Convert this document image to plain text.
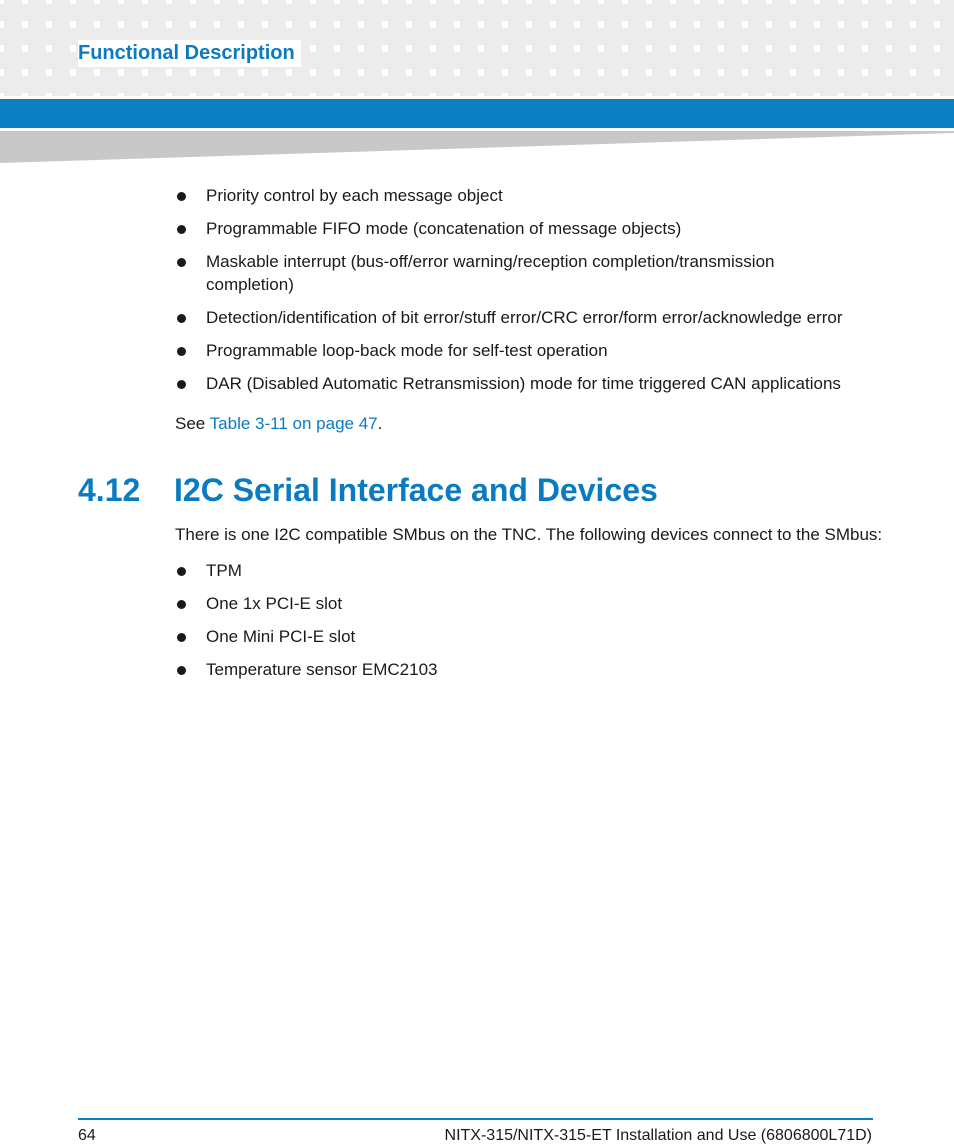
Functional Description
Priority control by each message object
Programmable FIFO mode (concatenation of message objects)
Maskable interrupt (bus-off/error warning/reception completion/transmission completion)
Detection/identification of bit error/stuff error/CRC error/form error/acknowledge error
Programmable loop-back mode for self-test operation
DAR (Disabled Automatic Retransmission) mode for time triggered CAN applications
See Table 3-11 on page 47.
4.12 I2C Serial Interface and Devices
There is one I2C compatible SMbus on the TNC. The following devices connect to the SMbus:
TPM
One 1x PCI-E slot
One Mini PCI-E slot
Temperature sensor EMC2103
64	NITX-315/NITX-315-ET Installation and Use (6806800L71D)
